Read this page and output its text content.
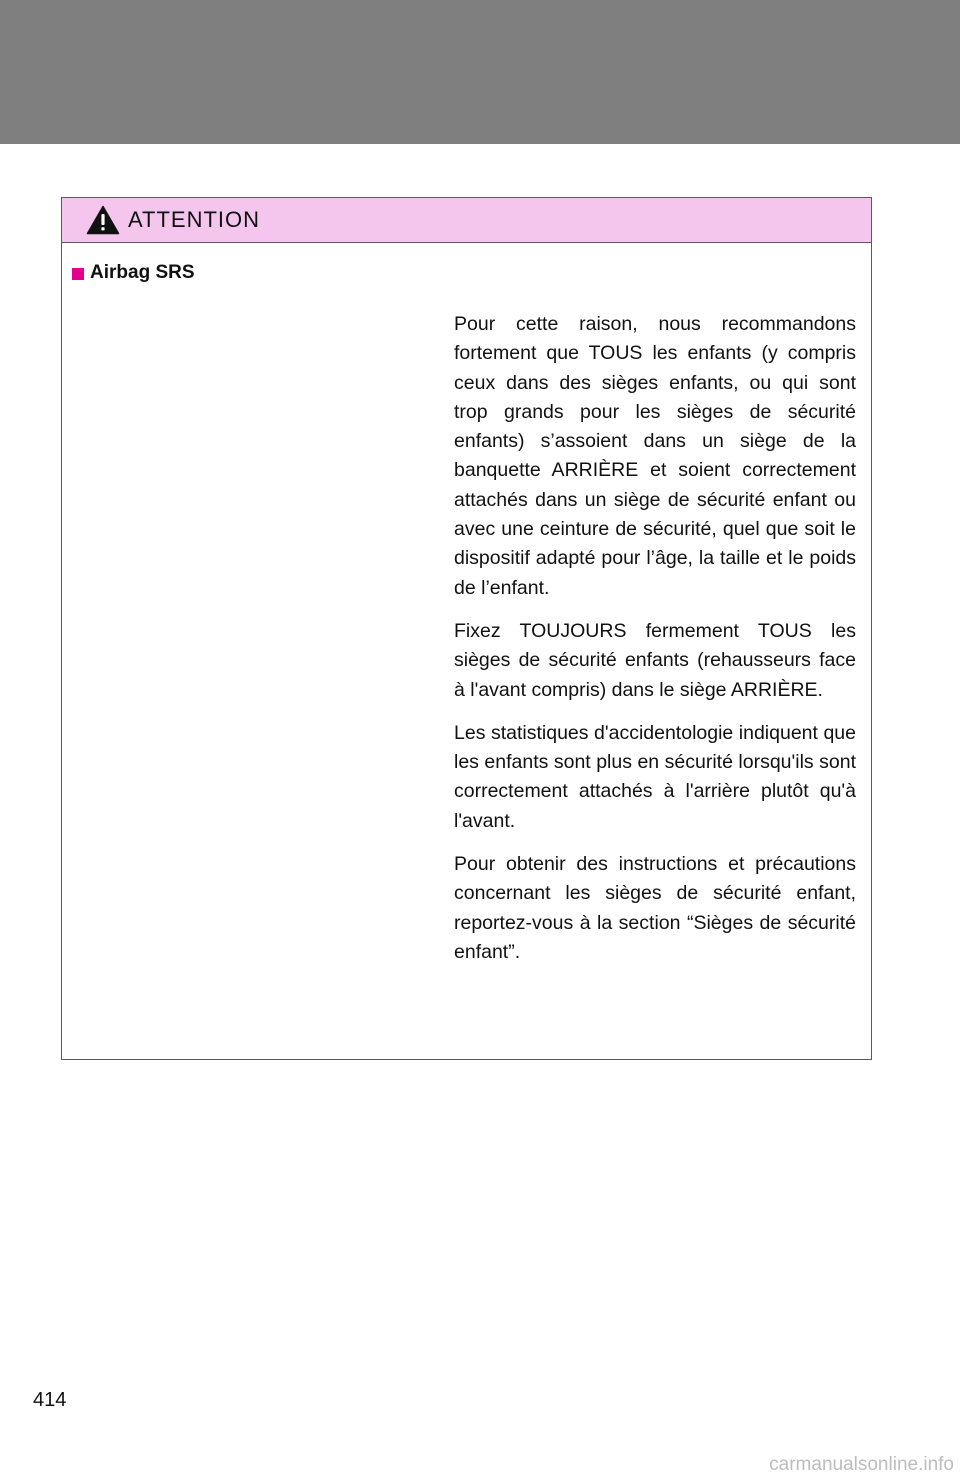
ATTENTION
Airbag SRS

Pour cette raison, nous recommandons fortement que TOUS les enfants (y compris ceux dans des sièges enfants, ou qui sont trop grands pour les sièges de sécurité enfants) s’assoient dans un siège de la banquette ARRIÈRE et soient correctement attachés dans un siège de sécurité enfant ou avec une ceinture de sécurité, quel que soit le dispositif adapté pour l’âge, la taille et le poids de l’enfant.

Fixez TOUJOURS fermement TOUS les sièges de sécurité enfants (rehausseurs face à l'avant compris) dans le siège ARRIÈRE.

Les statistiques d'accidentologie indiquent que les enfants sont plus en sécurité lorsqu'ils sont correctement attachés à l'arrière plutôt qu'à l'avant.

Pour obtenir des instructions et précautions concernant les sièges de sécurité enfant, reportez-vous à la section “Sièges de sécurité enfant”.

414
carmanualsonline.info
